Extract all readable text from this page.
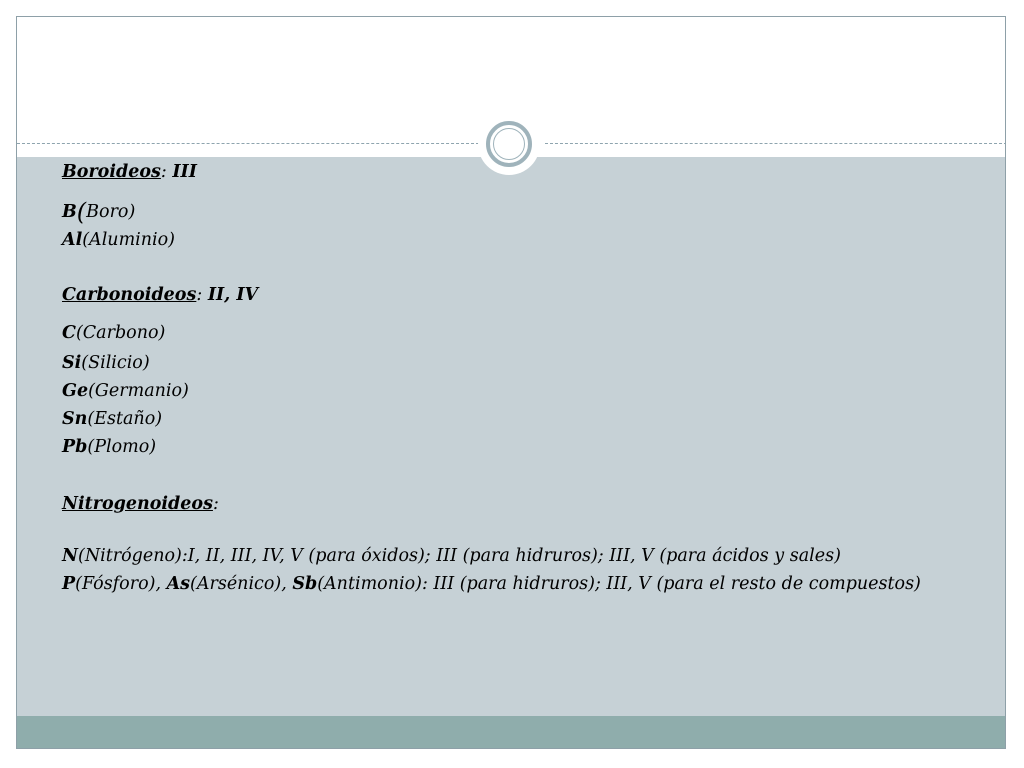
Boroideos: III
B(Boro)
Al(Aluminio)
Carbonoideos: II, IV
C(Carbono)
Si(Silicio)
Ge(Germanio)
Sn(Estaño)
Pb(Plomo)
Nitrogenoideos:
N(Nitrógeno):I, II, III, IV, V (para óxidos); III (para hidruros); III, V (para ácidos y sales)
P(Fósforo), As(Arsénico), Sb(Antimonio): III (para hidruros); III, V (para el resto de compuestos)
